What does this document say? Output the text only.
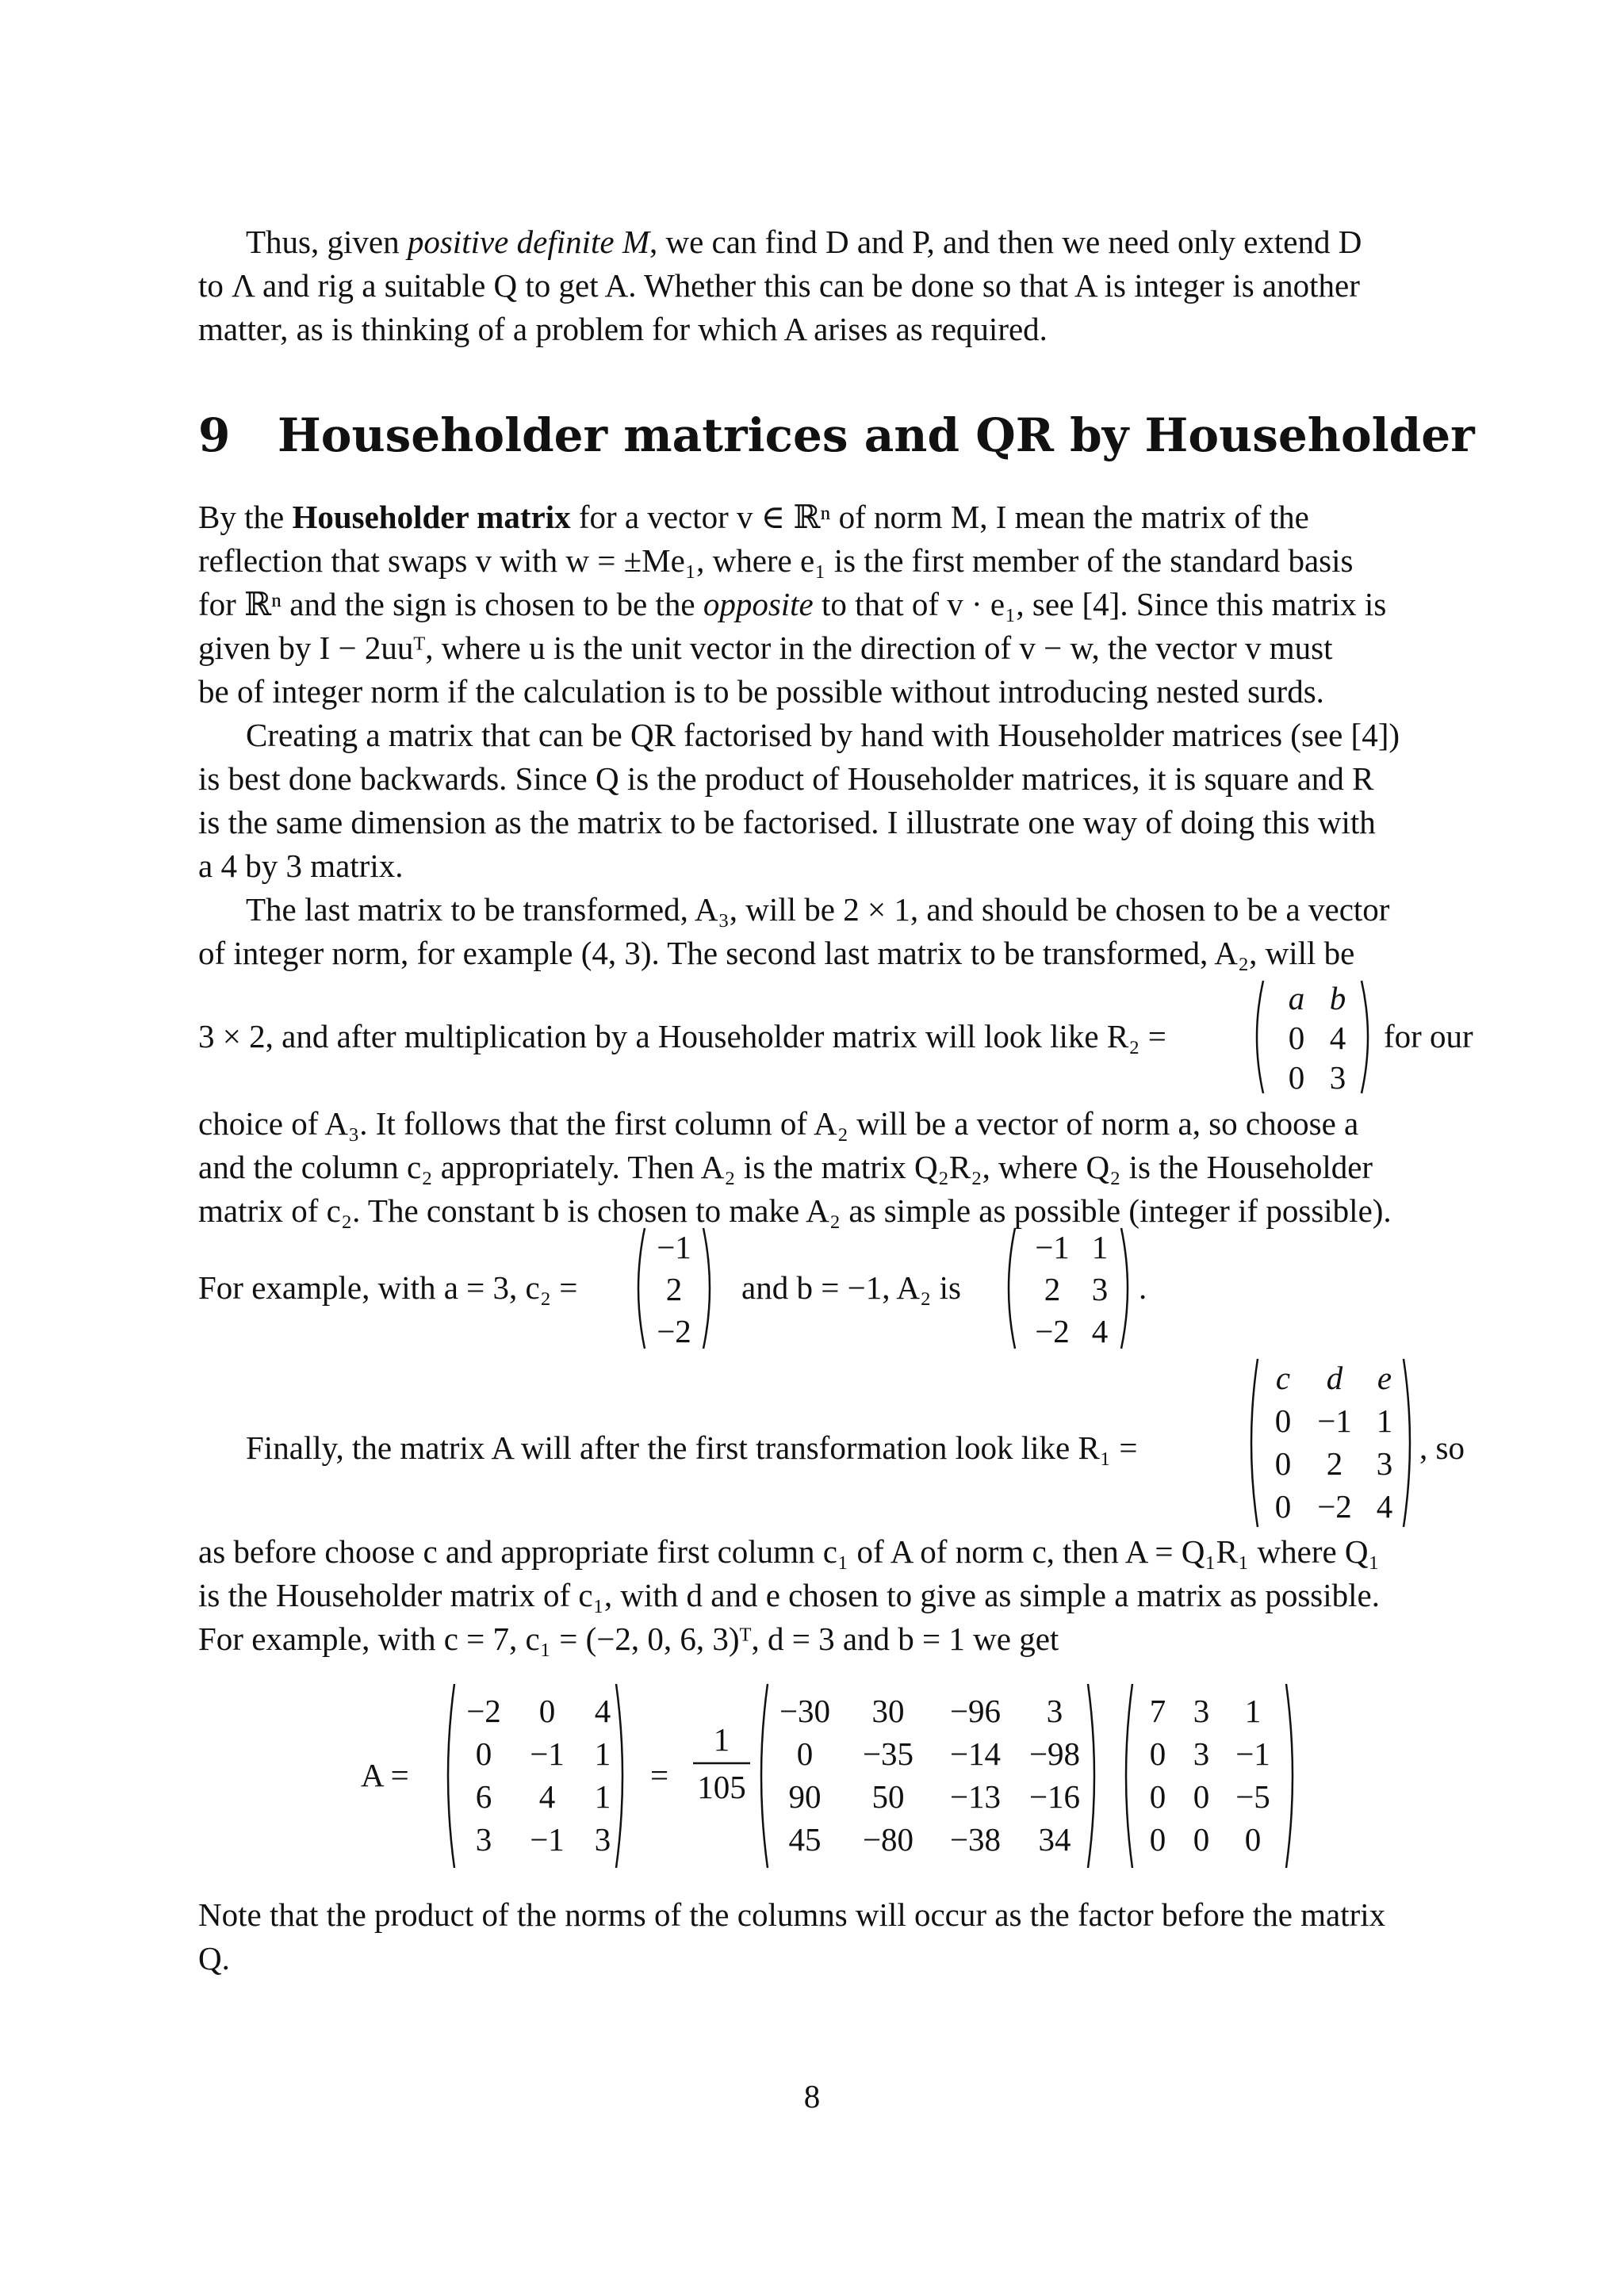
Thus, given positive definite M, we can find D and P, and then we need only extend D
to Λ and rig a suitable Q to get A. Whether this can be done so that A is integer is another
matter, as is thinking of a problem for which A arises as required.
9 Householder matrices and QR by Householder
By the Householder matrix for a vector v ∈ ℝⁿ of norm M, I mean the matrix of the
reflection that swaps v with w = ±Me₁, where e₁ is the first member of the standard basis
for ℝⁿ and the sign is chosen to be the opposite to that of v · e₁, see [4]. Since this matrix is
given by I − 2uuᵀ, where u is the unit vector in the direction of v − w, the vector v must
be of integer norm if the calculation is to be possible without introducing nested surds.
Creating a matrix that can be QR factorised by hand with Householder matrices (see [4])
is best done backwards. Since Q is the product of Householder matrices, it is square and R
is the same dimension as the matrix to be factorised. I illustrate one way of doing this with
a 4 by 3 matrix.
The last matrix to be transformed, A₃, will be 2 × 1, and should be chosen to be a vector
of integer norm, for example (4, 3). The second last matrix to be transformed, A₂, will be
3 × 2, and after multiplication by a Householder matrix will look like R₂ =
a b
0 4
0 3
for our
choice of A₃. It follows that the first column of A₂ will be a vector of norm a, so choose a
and the column c₂ appropriately. Then A₂ is the matrix Q₂R₂, where Q₂ is the Householder
matrix of c₂. The constant b is chosen to make A₂ as simple as possible (integer if possible).
For example, with a = 3, c₂ =
−1
2
−2
and b = −1, A₂ is
−1 1
2 3
−2 4
.
Finally, the matrix A will after the first transformation look like R₁ =
c d e
0 −1 1
0 2 3
0 −2 4
, so
as before choose c and appropriate first column c₁ of A of norm c, then A = Q₁R₁ where Q₁
is the Householder matrix of c₁, with d and e chosen to give as simple a matrix as possible.
For example, with c = 7, c₁ = (−2, 0, 6, 3)ᵀ, d = 3 and b = 1 we get
A =
−2 0 4
0 −1 1
6 4 1
3 −1 3
=
1
105
−30 30 −96 3
0 −35 −14 −98
90 50 −13 −16
45 −80 −38 34
7 3 1
0 3 −1
0 0 −5
0 0 0
Note that the product of the norms of the columns will occur as the factor before the matrix
Q.
8
